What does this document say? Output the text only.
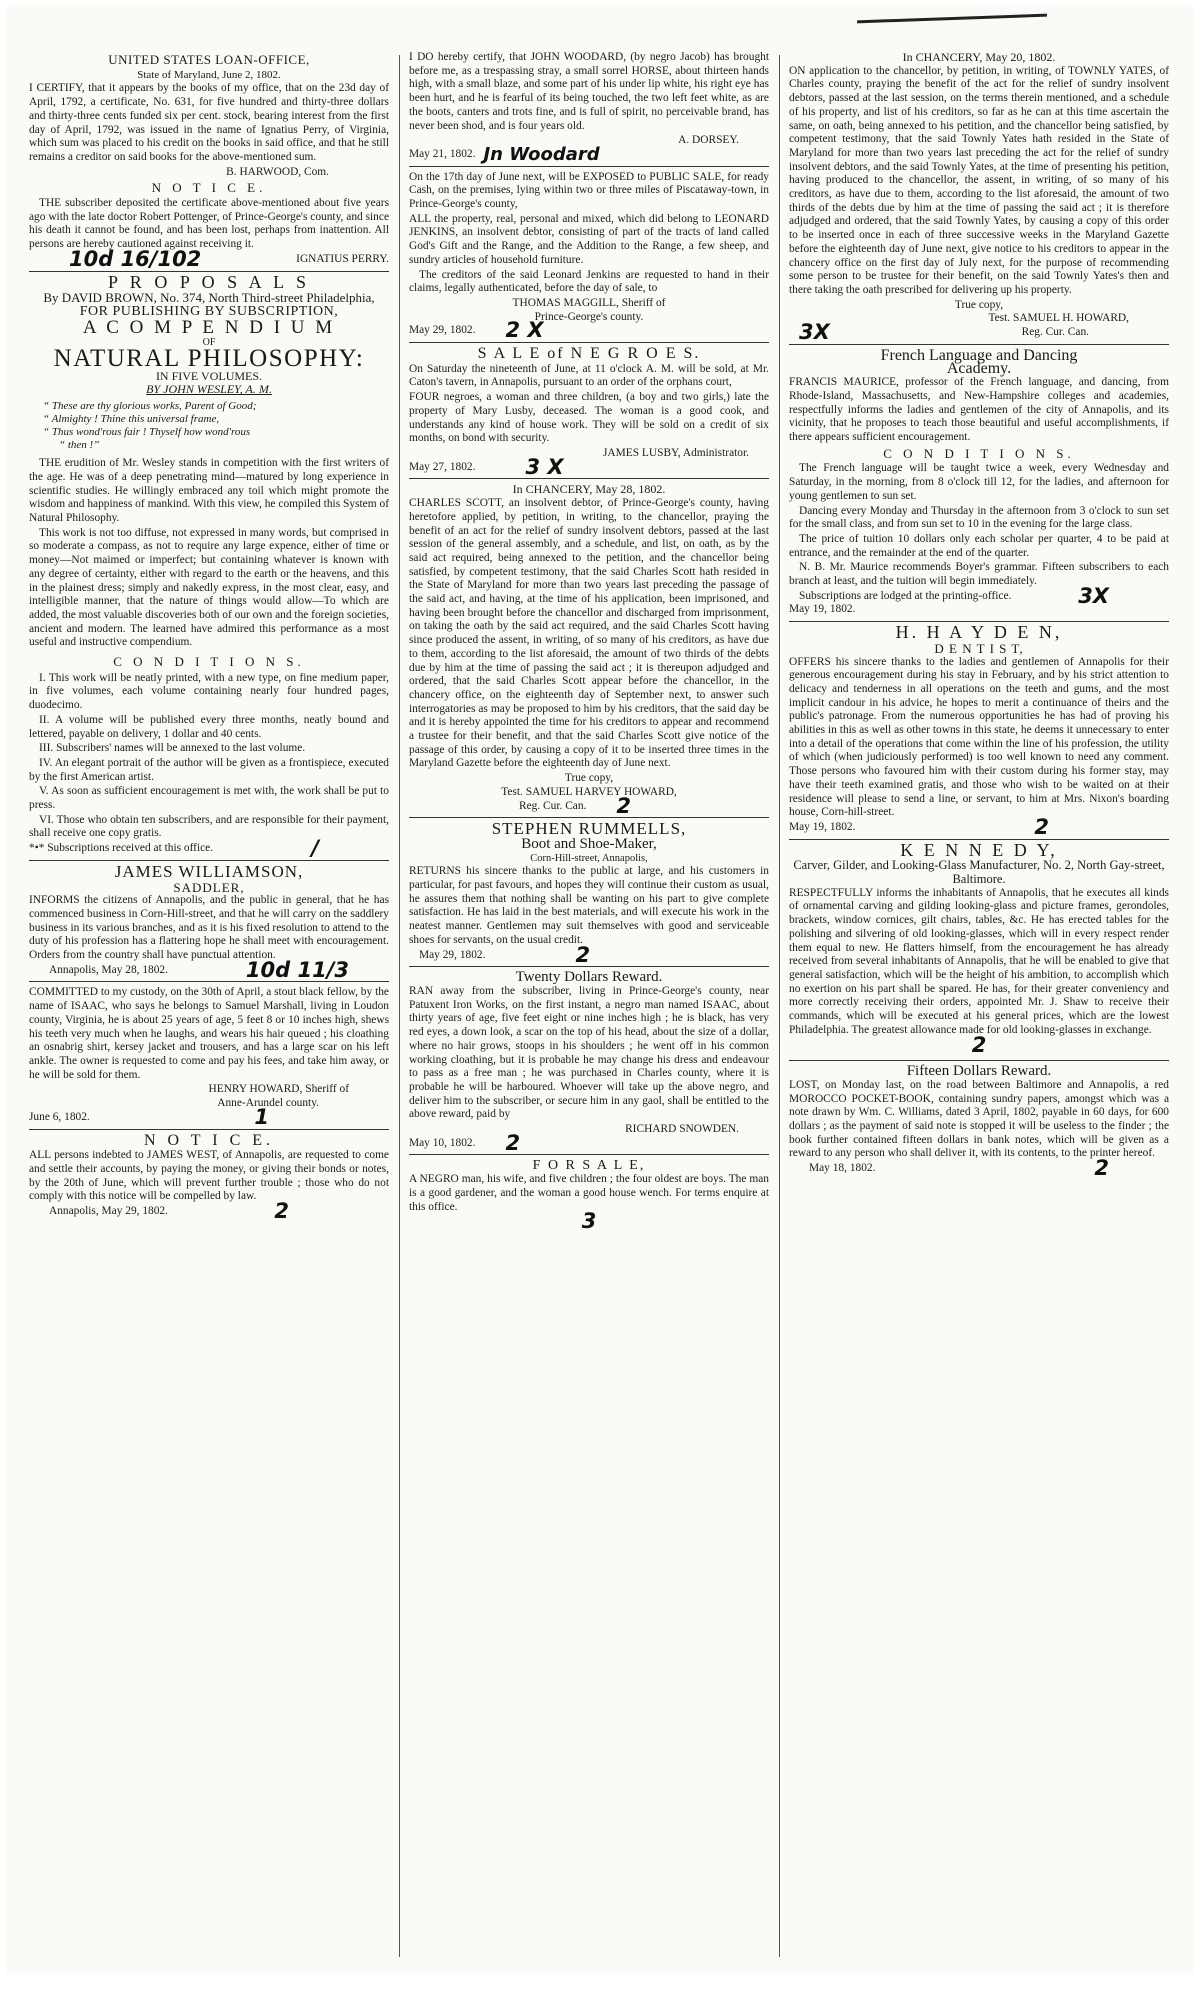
UNITED STATES LOAN-OFFICE,
State of Maryland, June 2, 1802.

I CERTIFY, that it appears by the books of my office, that on the 23d day of April, 1792, a certificate, No. 631, for five hundred and thirty-three dollars and thirty-three cents funded six per cent. stock, bearing interest from the first day of April, 1792, was issued in the name of Ignatius Perry, of Virginia, which sum was placed to his credit on the books in said office, and that he still remains a creditor on said books for the above-mentioned sum.

B. HARWOOD, Com.
N O T I C E.

THE subscriber deposited the certificate above-mentioned about five years ago with the late doctor Robert Pottenger, of Prince-George's county, and since his death it cannot be found, and has been lost, perhaps from inattention. All persons are hereby cautioned against receiving it.

10d 16/102	IGNATIUS PERRY.
P R O P O S A L S
By DAVID BROWN, No. 374, North Third-street Philadelphia,
FOR PUBLISHING BY SUBSCRIPTION,
A C O M P E N D I U M
OF
NATURAL PHILOSOPHY:
IN FIVE VOLUMES.
BY JOHN WESLEY, A. M.
“ These are thy glorious works, Parent of Good;
“ Almighty ! Thine this universal frame,
“ Thus wond'rous fair ! Thyself how wond'rous
“ then !”

THE erudition of Mr. Wesley stands in competition with the first writers of the age. He was of a deep penetrating mind—matured by long experience in scientific studies. He willingly embraced any toil which might promote the wisdom and happiness of mankind. With this view, he compiled this System of Natural Philosophy.

This work is not too diffuse, not expressed in many words, but comprised in so moderate a compass, as not to require any large expence, either of time or money—Not maimed or imperfect; but containing whatever is known with any degree of certainty, either with regard to the earth or the heavens, and this in the plainest dress; simply and nakedly express, in the most clear, easy, and intelligible manner, that the nature of things would allow—To which are added, the most valuable discoveries both of our own and the foreign societies, ancient and modern. The learned have admired this performance as a most useful and instructive compendium.

C O N D I T I O N S.

I. This work will be neatly printed, with a new type, on fine medium paper, in five volumes, each volume containing nearly four hundred pages, duodecimo.

II. A volume will be published every three months, neatly bound and lettered, payable on delivery, 1 dollar and 40 cents.

III. Subscribers' names will be annexed to the last volume.

IV. An elegant portrait of the author will be given as a frontispiece, executed by the first American artist.

V. As soon as sufficient encouragement is met with, the work shall be put to press.

VI. Those who obtain ten subscribers, and are responsible for their payment, shall receive one copy gratis.

*•* Subscriptions received at this office.	/
JAMES WILLIAMSON,
SADDLER,

INFORMS the citizens of Annapolis, and the public in general, that he has commenced business in Corn-Hill-street, and that he will carry on the saddlery business in its various branches, and as it is his fixed resolution to attend to the duty of his profession has a flattering hope he shall meet with encouragement. Orders from the country shall have punctual attention.

Annapolis, May 28, 1802.	10d 11/3

COMMITTED to my custody, on the 30th of April, a stout black fellow, by the name of ISAAC, who says he belongs to Samuel Marshall, living in Loudon county, Virginia, he is about 25 years of age, 5 feet 8 or 10 inches high, shews his teeth very much when he laughs, and wears his hair queued ; his cloathing an osnabrig shirt, kersey jacket and trousers, and has a large scar on his left ankle. The owner is requested to come and pay his fees, and take him away, or he will be sold for them.

HENRY HOWARD, Sheriff of
Anne-Arundel county.
June 6, 1802.	1
N O T I C E.

ALL persons indebted to JAMES WEST, of Annapolis, are requested to come and settle their accounts, by paying the money, or giving their bonds or notes, by the 20th of June, which will prevent further trouble ; those who do not comply with this notice will be compelled by law.

Annapolis, May 29, 1802.	2

I DO hereby certify, that JOHN WOODARD, (by negro Jacob) has brought before me, as a trespassing stray, a small sorrel HORSE, about thirteen hands high, with a small blaze, and some part of his under lip white, his right eye has been hurt, and he is fearful of its being touched, the two left feet white, as are the boots, canters and trots fine, and is full of spirit, no perceivable brand, has never been shod, and is four years old.

A. DORSEY.
May 21, 1802. Jn Woodard

On the 17th day of June next, will be EXPOSED to PUBLIC SALE, for ready Cash, on the premises, lying within two or three miles of Piscataway-town, in Prince-George's county,

ALL the property, real, personal and mixed, which did belong to LEONARD JENKINS, an insolvent debtor, consisting of part of the tracts of land called God's Gift and the Range, and the Addition to the Range, a few sheep, and sundry articles of household furniture.

The creditors of the said Leonard Jenkins are requested to hand in their claims, legally authenticated, before the day of sale, to

THOMAS MAGGILL, Sheriff of
Prince-George's county.
May 29, 1802. 2 X
S A L E of N E G R O E S.

On Saturday the nineteenth of June, at 11 o'clock A. M. will be sold, at Mr. Caton's tavern, in Annapolis, pursuant to an order of the orphans court,

FOUR negroes, a woman and three children, (a boy and two girls,) late the property of Mary Lusby, deceased. The woman is a good cook, and understands any kind of house work. They will be sold on a credit of six months, on bond with security.

JAMES LUSBY, Administrator.
May 27, 1802. 3 X
In CHANCERY, May 28, 1802.

CHARLES SCOTT, an insolvent debtor, of Prince-George's county, having heretofore applied, by petition, in writing, to the chancellor, praying the benefit of an act for the relief of sundry insolvent debtors, passed at the last session of the general assembly, and a schedule, and list, on oath, as by the said act required, being annexed to the petition, and the chancellor being satisfied, by competent testimony, that the said Charles Scott hath resided in the State of Maryland for more than two years last preceding the passage of the said act, and having, at the time of his application, been imprisoned, and having been brought before the chancellor and discharged from imprisonment, on taking the oath by the said act required, and the said Charles Scott having since produced the assent, in writing, of so many of his creditors, as have due to them, according to the list aforesaid, the amount of two thirds of the debts due by him at the time of passing the said act ; it is thereupon adjudged and ordered, that the said Charles Scott appear before the chancellor, in the chancery office, on the eighteenth day of September next, to answer such interrogatories as may be proposed to him by his creditors, that the said day be and it is hereby appointed the time for his creditors to appear and recommend a trustee for their benefit, and that the said Charles Scott give notice of the passage of this order, by causing a copy of it to be inserted three times in the Maryland Gazette before the eighteenth day of June next.

True copy,
Test. SAMUEL HARVEY HOWARD,
Reg. Cur. Can. 2
STEPHEN RUMMELLS,
Boot and Shoe-Maker,
Corn-Hill-street, Annapolis,

RETURNS his sincere thanks to the public at large, and his customers in particular, for past favours, and hopes they will continue their custom as usual, he assures them that nothing shall be wanting on his part to give complete satisfaction. He has laid in the best materials, and will execute his work in the neatest manner. Gentlemen may suit themselves with good and serviceable shoes for servants, on the usual credit.

May 29, 1802.	2
Twenty Dollars Reward.

RAN away from the subscriber, living in Prince-George's county, near Patuxent Iron Works, on the first instant, a negro man named ISAAC, about thirty years of age, five feet eight or nine inches high ; he is black, has very red eyes, a down look, a scar on the top of his head, about the size of a dollar, where no hair grows, stoops in his shoulders ; he went off in his common working cloathing, but it is probable he may change his dress and endeavour to pass as a free man ; he was purchased in Charles county, where it is probable he will be harboured. Whoever will take up the above negro, and deliver him to the subscriber, or secure him in any gaol, shall be entitled to the above reward, paid by

RICHARD SNOWDEN.
May 10, 1802. 2
F O R S A L E,

A NEGRO man, his wife, and five children ; the four oldest are boys. The man is a good gardener, and the woman a good house wench. For terms enquire at this office.

3
In CHANCERY, May 20, 1802.

ON application to the chancellor, by petition, in writing, of TOWNLY YATES, of Charles county, praying the benefit of the act for the relief of sundry insolvent debtors, passed at the last session, on the terms therein mentioned, and a schedule of his property, and list of his creditors, so far as he can at this time ascertain the same, on oath, being annexed to his petition, and the chancellor being satisfied, by competent testimony, that the said Townly Yates hath resided in the State of Maryland for more than two years last preceding the act for the relief of sundry insolvent debtors, and the said Townly Yates, at the time of presenting his petition, having produced to the chancellor, the assent, in writing, of so many of his creditors, as have due to them, according to the list aforesaid, the amount of two thirds of the debts due by him at the time of passing the said act ; it is therefore adjudged and ordered, that the said Townly Yates, by causing a copy of this order to be inserted once in each of three successive weeks in the Maryland Gazette before the eighteenth day of June next, give notice to his creditors to appear in the chancery office on the first day of July next, for the purpose of recommending some person to be trustee for their benefit, on the said Townly Yates's then and there taking the oath prescribed for delivering up his property.

True copy,
Test. SAMUEL H. HOWARD,
3X	Reg. Cur. Can.
French Language and Dancing
Academy.

FRANCIS MAURICE, professor of the French language, and dancing, from Rhode-Island, Massachusetts, and New-Hampshire colleges and academies, respectfully informs the ladies and gentlemen of the city of Annapolis, and its vicinity, that he proposes to teach those beautiful and useful accomplishments, if there appears sufficient encouragement.

C O N D I T I O N S.

The French language will be taught twice a week, every Wednesday and Saturday, in the morning, from 8 o'clock till 12, for the ladies, and afternoon for young gentlemen to sun set.

Dancing every Monday and Thursday in the afternoon from 3 o'clock to sun set for the small class, and from sun set to 10 in the evening for the large class.

The price of tuition 10 dollars only each scholar per quarter, 4 to be paid at entrance, and the remainder at the end of the quarter.

N. B. Mr. Maurice recommends Boyer's grammar. Fifteen subscribers to each branch at least, and the tuition will begin immediately.

Subscriptions are lodged at the printing-office.	3X
May 19, 1802.
H. H A Y D E N,
D E N T I S T,

OFFERS his sincere thanks to the ladies and gentlemen of Annapolis for their generous encouragement during his stay in February, and by his strict attention to delicacy and tenderness in all operations on the teeth and gums, and the most implicit candour in his advice, he hopes to merit a continuance of theirs and the public's patronage. From the numerous opportunities he has had of proving his abilities in this as well as other towns in this state, he deems it unnecessary to enter into a detail of the operations that come within the line of his profession, the utility of which (when judiciously performed) is too well known to need any comment. Those persons who favoured him with their custom during his former stay, may have their teeth examined gratis, and those who wish to be waited on at their residence will please to send a line, or servant, to him at Mrs. Nixon's boarding house, Corn-hill-street.

May 19, 1802.	2
K E N N E D Y,
Carver, Gilder, and Looking-Glass Manufacturer, No. 2, North Gay-street,
Baltimore.

RESPECTFULLY informs the inhabitants of Annapolis, that he executes all kinds of ornamental carving and gilding looking-glass and picture frames, gerondoles, brackets, window cornices, gilt chairs, tables, &c. He has erected tables for the polishing and silvering of old looking-glasses, which will in every respect render them equal to new. He flatters himself, from the encouragement he has already received from several inhabitants of Annapolis, that he will be enabled to give that general satisfaction, which will be the height of his ambition, to accomplish which no exertion on his part shall be spared. He has, for their greater conveniency and more correctly receiving their orders, appointed Mr. J. Shaw to receive their commands, which will be executed at his general prices, which are the lowest Philadelphia. The greatest allowance made for old looking-glasses in exchange.

2
Fifteen Dollars Reward.

LOST, on Monday last, on the road between Baltimore and Annapolis, a red MOROCCO POCKET-BOOK, containing sundry papers, amongst which was a note drawn by Wm. C. Williams, dated 3 April, 1802, payable in 60 days, for 600 dollars ; as the payment of said note is stopped it will be useless to the finder ; the book further contained fifteen dollars in bank notes, which will be given as a reward to any person who shall deliver it, with its contents, to the printer hereof.

May 18, 1802.	2
